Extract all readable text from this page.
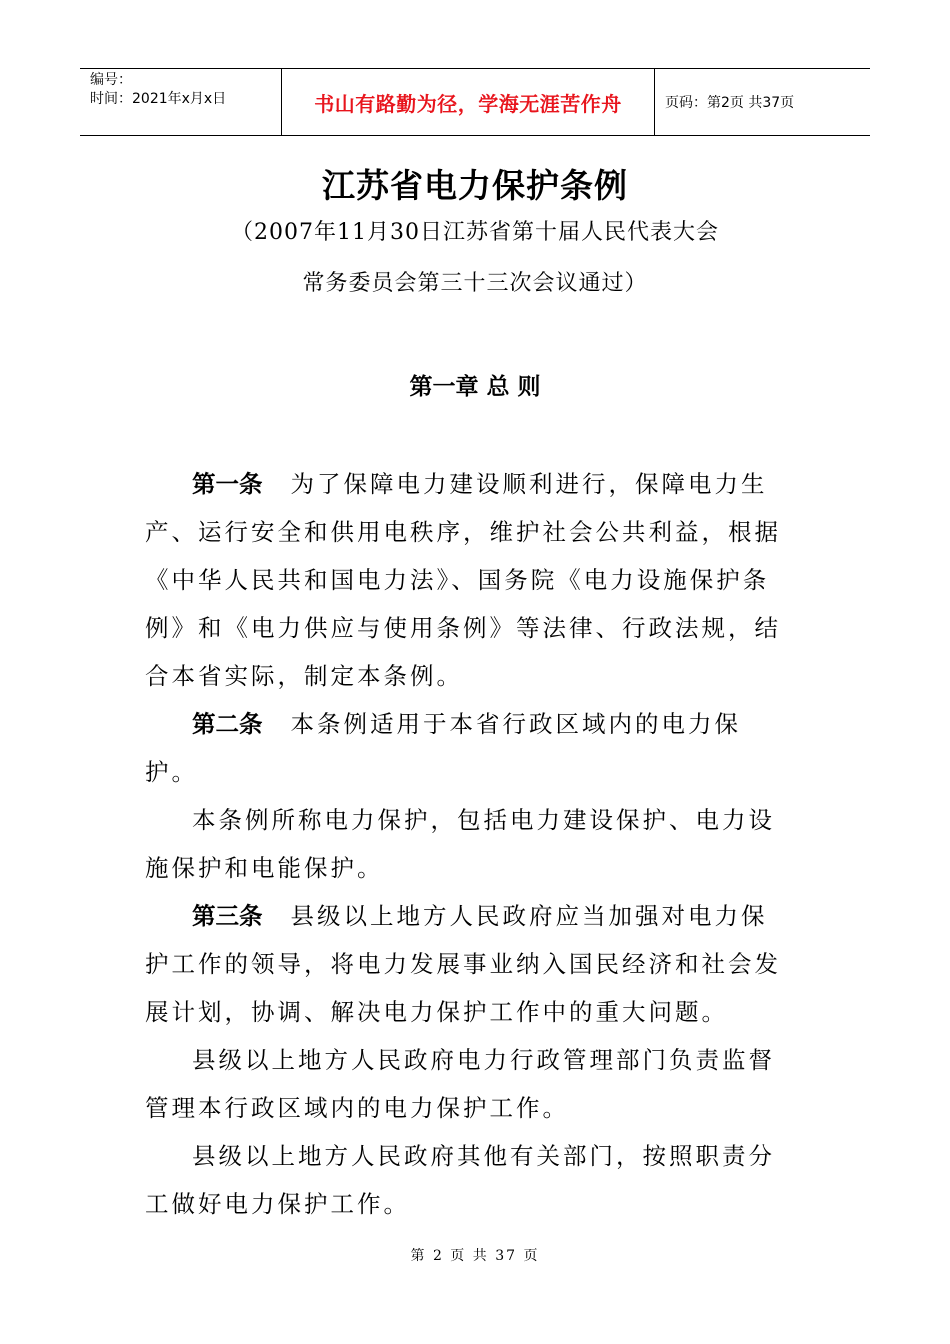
编号：
时间：2021年x月x日	书山有路勤为径，学海无涯苦作舟	页码：第2页 共37页
江苏省电力保护条例
（2007年11月30日江苏省第十届人民代表大会
常务委员会第三十三次会议通过）
第一章 总 则

第一条 为了保障电力建设顺利进行，保障电力生产、运行安全和供用电秩序，维护社会公共利益，根据《中华人民共和国电力法》、国务院《电力设施保护条例》和《电力供应与使用条例》等法律、行政法规，结合本省实际，制定本条例。

第二条 本条例适用于本省行政区域内的电力保护。

本条例所称电力保护，包括电力建设保护、电力设施保护和电能保护。

第三条 县级以上地方人民政府应当加强对电力保护工作的领导，将电力发展事业纳入国民经济和社会发展计划，协调、解决电力保护工作中的重大问题。

县级以上地方人民政府电力行政管理部门负责监督管理本行政区域内的电力保护工作。

县级以上地方人民政府其他有关部门，按照职责分工做好电力保护工作。

第 2 页 共 37 页
